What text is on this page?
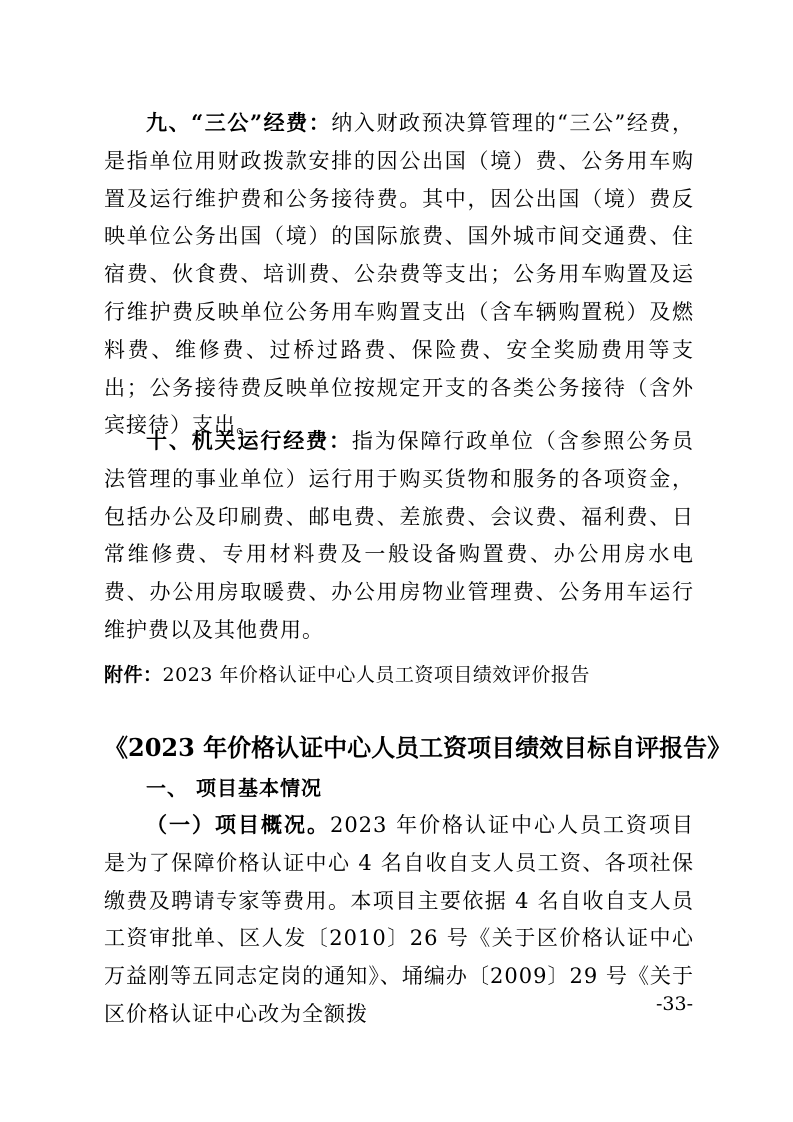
九、“三公”经费：纳入财政预决算管理的“三公”经费，是指单位用财政拨款安排的因公出国（境）费、公务用车购置及运行维护费和公务接待费。其中，因公出国（境）费反映单位公务出国（境）的国际旅费、国外城市间交通费、住宿费、伙食费、培训费、公杂费等支出；公务用车购置及运行维护费反映单位公务用车购置支出（含车辆购置税）及燃料费、维修费、过桥过路费、保险费、安全奖励费用等支出；公务接待费反映单位按规定开支的各类公务接待（含外宾接待）支出。

十、机关运行经费：指为保障行政单位（含参照公务员法管理的事业单位）运行用于购买货物和服务的各项资金，包括办公及印刷费、邮电费、差旅费、会议费、福利费、日常维修费、专用材料费及一般设备购置费、办公用房水电费、办公用房取暖费、办公用房物业管理费、公务用车运行维护费以及其他费用。

附件：2023 年价格认证中心人员工资项目绩效评价报告

《2023 年价格认证中心人员工资项目绩效目标自评报告》

一、 项目基本情况

（一）项目概况。2023 年价格认证中心人员工资项目是为了保障价格认证中心 4 名自收自支人员工资、各项社保缴费及聘请专家等费用。本项目主要依据 4 名自收自支人员工资审批单、区人发〔2010〕26 号《关于区价格认证中心万益刚等五同志定岗的通知》、埇编办〔2009〕29 号《关于区价格认证中心改为全额拨	-33-
